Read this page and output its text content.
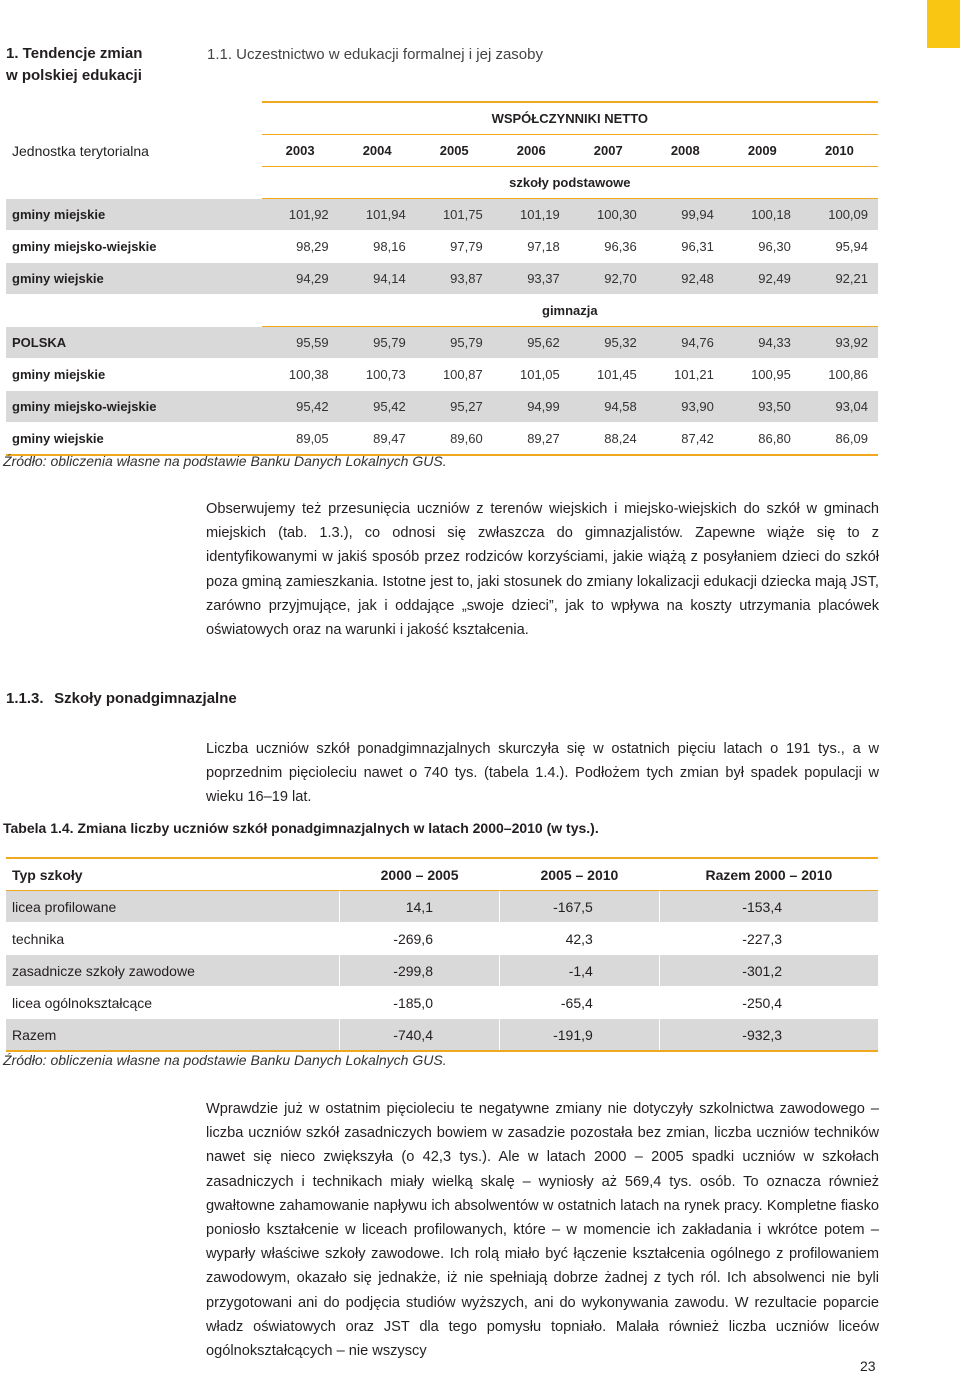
1. Tendencje zmian
w polskiej edukacji
1.1. Uczestnictwo w edukacji formalnej i jej zasoby
	WSPÓŁCZYNNIKI NETTO							
Jednostka terytorialna	2003	2004	2005	2006	2007	2008	2009	2010
	szkoły podstawowe							
gminy miejskie	101,92	101,94	101,75	101,19	100,30	99,94	100,18	100,09
gminy miejsko-wiejskie	98,29	98,16	97,79	97,18	96,36	96,31	96,30	95,94
gminy wiejskie	94,29	94,14	93,87	93,37	92,70	92,48	92,49	92,21
	gimnazja							
POLSKA	95,59	95,79	95,79	95,62	95,32	94,76	94,33	93,92
gminy miejskie	100,38	100,73	100,87	101,05	101,45	101,21	100,95	100,86
gminy miejsko-wiejskie	95,42	95,42	95,27	94,99	94,58	93,90	93,50	93,04
gminy wiejskie	89,05	89,47	89,60	89,27	88,24	87,42	86,80	86,09
Źródło: obliczenia własne na podstawie Banku Danych Lokalnych GUS.
Obserwujemy też przesunięcia uczniów z terenów wiejskich i miejsko-wiejskich do szkół w gminach miejskich (tab. 1.3.), co odnosi się zwłaszcza do gimnazjalistów. Zapewne wiąże się to z identyfikowanymi w jakiś sposób przez rodziców korzyściami, jakie wiążą z posyłaniem dzieci do szkół poza gminą zamieszkania. Istotne jest to, jaki stosunek do zmiany lokalizacji edukacji dziecka mają JST, zarówno przyjmujące, jak i oddające „swoje dzieci”, jak to wpływa na koszty utrzymania placówek oświatowych oraz na warunki i jakość kształcenia.
1.1.3. Szkoły ponadgimnazjalne
Liczba uczniów szkół ponadgimnazjalnych skurczyła się w ostatnich pięciu latach o 191 tys., a w poprzednim pięcioleciu nawet o 740 tys. (tabela 1.4.). Podłożem tych zmian był spadek populacji w wieku 16–19 lat.
Tabela 1.4. Zmiana liczby uczniów szkół ponadgimnazjalnych w latach 2000–2010 (w tys.).
Typ szkoły	2000 – 2005	2005 – 2010	Razem 2000 – 2010
licea profilowane	14,1	-167,5	-153,4
technika	-269,6	42,3	-227,3
zasadnicze szkoły zawodowe	-299,8	-1,4	-301,2
licea ogólnokształcące	-185,0	-65,4	-250,4
Razem	-740,4	-191,9	-932,3
Źródło: obliczenia własne na podstawie Banku Danych Lokalnych GUS.
Wprawdzie już w ostatnim pięcioleciu te negatywne zmiany nie dotyczyły szkolnictwa zawodowego – liczba uczniów szkół zasadniczych bowiem w zasadzie pozostała bez zmian, liczba uczniów techników nawet się nieco zwiększyła (o 42,3 tys.). Ale w latach 2000 – 2005 spadki uczniów w szkołach zasadniczych i technikach miały wielką skalę – wyniosły aż 569,4 tys. osób. To oznacza również gwałtowne zahamowanie napływu ich absolwentów w ostatnich latach na rynek pracy. Kompletne fiasko poniosło kształcenie w liceach profilowanych, które – w momencie ich zakładania i wkrótce potem – wyparły właściwe szkoły zawodowe. Ich rolą miało być łączenie kształcenia ogólnego z profilowaniem zawodowym, okazało się jednakże, iż nie spełniają dobrze żadnej z tych ról. Ich absolwenci nie byli przygotowani ani do podjęcia studiów wyższych, ani do wykonywania zawodu. W rezultacie poparcie władz oświatowych oraz JST dla tego pomysłu topniało. Malała również liczba uczniów liceów ogólnokształcących – nie wszyscy
23
